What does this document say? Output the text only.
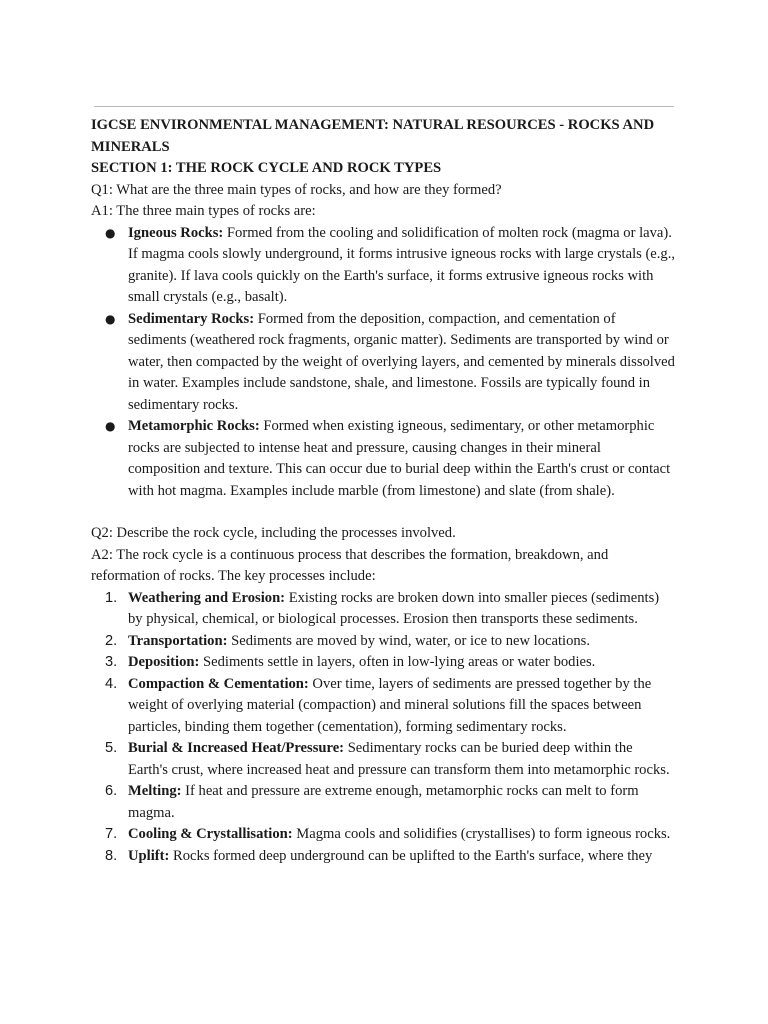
IGCSE ENVIRONMENTAL MANAGEMENT: NATURAL RESOURCES - ROCKS AND MINERALS
SECTION 1: THE ROCK CYCLE AND ROCK TYPES

Q1: What are the three main types of rocks, and how are they formed?

A1: The three main types of rocks are:

● Igneous Rocks: Formed from the cooling and solidification of molten rock (magma or lava). If magma cools slowly underground, it forms intrusive igneous rocks with large crystals (e.g., granite). If lava cools quickly on the Earth's surface, it forms extrusive igneous rocks with small crystals (e.g., basalt).
● Sedimentary Rocks: Formed from the deposition, compaction, and cementation of sediments (weathered rock fragments, organic matter). Sediments are transported by wind or water, then compacted by the weight of overlying layers, and cemented by minerals dissolved in water. Examples include sandstone, shale, and limestone. Fossils are typically found in sedimentary rocks.
● Metamorphic Rocks: Formed when existing igneous, sedimentary, or other metamorphic rocks are subjected to intense heat and pressure, causing changes in their mineral composition and texture. This can occur due to burial deep within the Earth's crust or contact with hot magma. Examples include marble (from limestone) and slate (from shale).

Q2: Describe the rock cycle, including the processes involved.

A2: The rock cycle is a continuous process that describes the formation, breakdown, and reformation of rocks. The key processes include:

1. Weathering and Erosion: Existing rocks are broken down into smaller pieces (sediments) by physical, chemical, or biological processes. Erosion then transports these sediments.
2. Transportation: Sediments are moved by wind, water, or ice to new locations.
3. Deposition: Sediments settle in layers, often in low-lying areas or water bodies.
4. Compaction & Cementation: Over time, layers of sediments are pressed together by the weight of overlying material (compaction) and mineral solutions fill the spaces between particles, binding them together (cementation), forming sedimentary rocks.
5. Burial & Increased Heat/Pressure: Sedimentary rocks can be buried deep within the Earth's crust, where increased heat and pressure can transform them into metamorphic rocks.
6. Melting: If heat and pressure are extreme enough, metamorphic rocks can melt to form magma.
7. Cooling & Crystallisation: Magma cools and solidifies (crystallises) to form igneous rocks.
8. Uplift: Rocks formed deep underground can be uplifted to the Earth's surface, where they
